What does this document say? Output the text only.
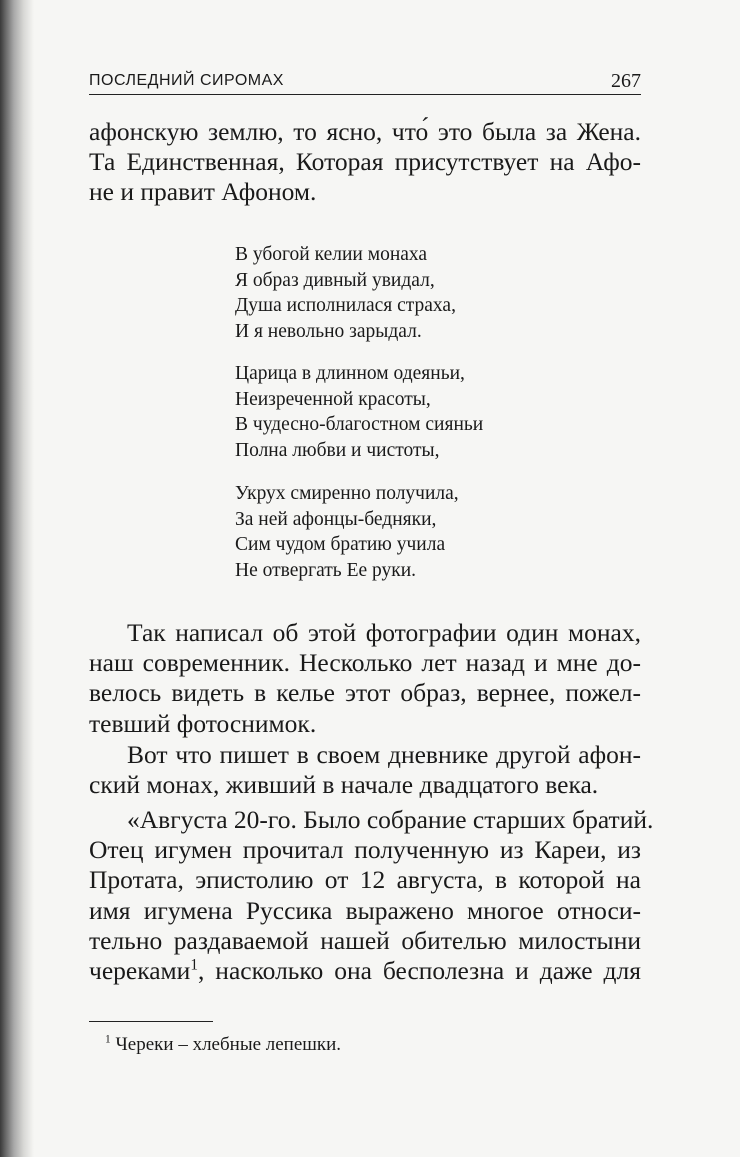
ПОСЛЕДНИЙ СИРОМАХ	267

афонскую землю, то ясно, что́ это была за Жена.
Та Единственная, Которая присутствует на Афо-
не и правит Афоном.

В убогой келии монаха
Я образ дивный увидал,
Душа исполнилася страха,
И я невольно зарыдал.
Царица в длинном одеяньи,
Неизреченной красоты,
В чудесно-благостном сияньи
Полна любви и чистоты,
Укрух смиренно получила,
За ней афонцы-бедняки,
Сим чудом братию учила
Не отвергать Ее руки.

Так написал об этой фотографии один монах,
наш современник. Несколько лет назад и мне до-
велось видеть в келье этот образ, вернее, пожел-
тевший фотоснимок.

Вот что пишет в своем дневнике другой афон-
ский монах, живший в начале двадцатого века.

«Августа 20-го. Было собрание старших братий.
Отец игумен прочитал полученную из Кареи, из
Протата, эпистолию от 12 августа, в которой на
имя игумена Руссика выражено многое относи-
тельно раздаваемой нашей обителью милостыни
череками$^1$, насколько она бесполезна и даже для

$^1$ Череки – хлебные лепешки.
